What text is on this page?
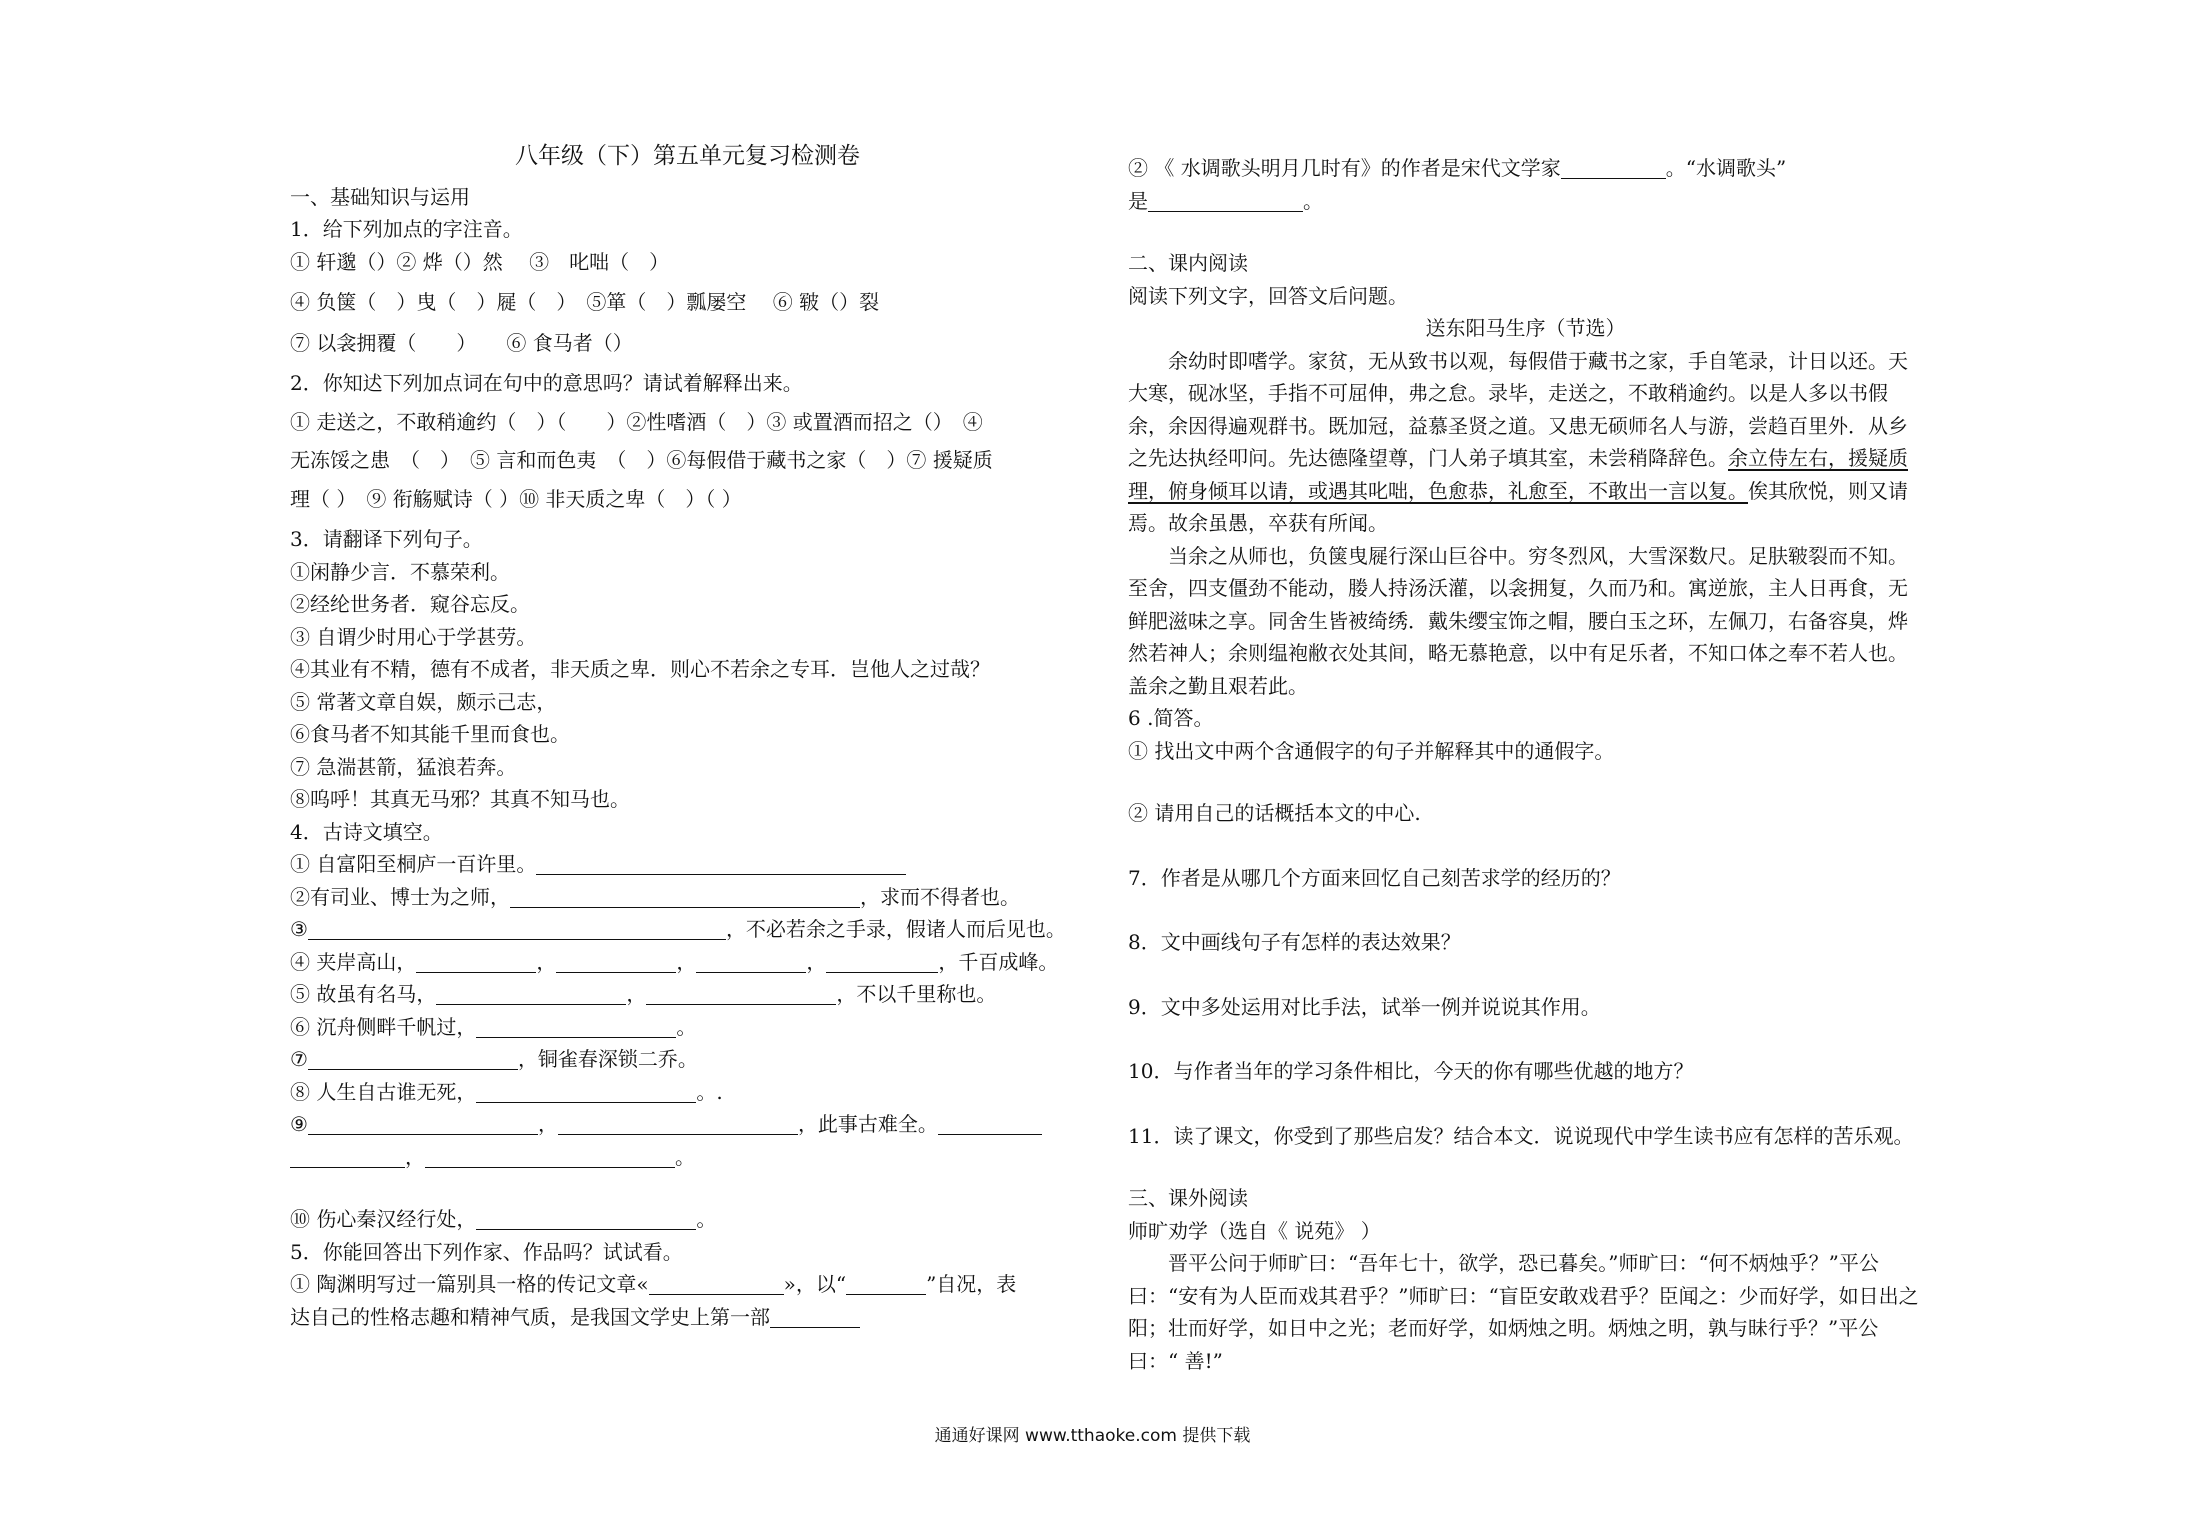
八年级（下）第五单元复习检测卷
一、基础知识与运用
1．给下列加点的字注音。
① 轩邈（）② 烨（）然　 ③　叱咄（　）
④ 负箧（　）曳（　）屣（　）　⑤箪（　）瓢屡空　 ⑥ 皲（）裂
⑦ 以衾拥覆（　　）　　⑥ 食马者（）
2．你知迖下列加点词在句中的意思吗？请试着解释出来。
① 走送之，不敢稍逾约（　）（　　）②性嗜酒（　）③ 或置酒而招之（）　④
无冻馁之患　（　）　⑤ 言和而色夷　（　）⑥每假借于藏书之家（　）⑦ 援疑质
理（ ）　⑨ 衔觞赋诗（ ）⑩ 非天质之卑（　）（ ）
3．请翻译下列句子。
①闲静少言．不慕荣利。
②经纶世务者．窥谷忘反。
③ 自谓少时用心于学甚劳。
④其业有不精，德有不成者，非天质之卑．则心不若余之专耳．岂他人之过哉？
⑤ 常著文章自娱，颇示己志，
⑥食马者不知其能千里而食也。
⑦ 急湍甚箭，猛浪若奔。
⑧呜呼！其真无马邪？其真不知马也。
4．古诗文填空。
① 自富阳至桐庐一百许里。
②有司业、博士为之师，	，求而不得者也。
③	，不必若余之手录，假诸人而后见也。
④ 夹岸高山，	，	，	，	，千百成峰。
⑤ 故虽有名马，	，	，不以千里称也。
⑥ 沉舟侧畔千帆过，	。
⑦	，铜雀春深锁二乔。
⑧ 人生自古谁无死，	。.
⑨	，	，此事古难全。
，	。
⑩ 伤心秦汉经行处，	。
5．你能回答出下列作家、作品吗？试试看。
① 陶渊明写过一篇别具一格的传记文章«	»，以“	”自况，表
达自己的性格志趣和精神气质，是我国文学史上第一部
② 《 水调歌头明月几时有》的作者是宋代文学家	。“水调歌头”
是	。
二、课内阅读
阅读下列文字，回答文后问题。
送东阳马生序（节选）
余幼时即嗜学。家贫，无从致书以观，每假借于藏书之家，手自笔录，计日以还。天大寒，砚冰坚，手指不可屈伸，弗之怠。录毕，走送之，不敢稍逾约。以是人多以书假余，余因得遍观群书。既加冠，益慕圣贤之道。又患无硕师名人与游，尝趋百里外．从乡之先达执经叩问。先达德隆望尊，门人弟子填其室，未尝稍降辞色。余立侍左右，援疑质理，俯身倾耳以请，或遇其叱咄，色愈恭，礼愈至，不敢出一言以复。俟其欣悦，则又请焉。故余虽愚，卒获有所闻。
当余之从师也，负箧曳屣行深山巨谷中。穷冬烈风，大雪深数尺。足肤皲裂而不知。至舍，四支僵劲不能动，媵人持汤沃灌，以衾拥复，久而乃和。寓逆旅，主人日再食，无鲜肥滋味之享。同舍生皆被绮绣．戴朱缨宝饰之帽，腰白玉之环，左佩刀，右备容臭，烨然若神人；余则缊袍敝衣处其间，略无慕艳意，以中有足乐者，不知口体之奉不若人也。盖余之勤且艰若此。
6 .简答。
① 找出文中两个含通假字的句子并解释其中的通假字。
② 请用自己的话概括本文的中心.
7．作者是从哪几个方面来回忆自己刻苦求学的经历的？
8．文中画线句子有怎样的表达效果？
9．文中多处运用对比手法，试举一例并说说其作用。
10．与作者当年的学习条件相比，今天的你有哪些优越的地方？
11．读了课文，你受到了那些启发？结合本文．说说现代中学生读书应有怎样的苦乐观。
三、课外阅读
师旷劝学（选自《 说苑》 ）
晋平公问于师旷曰：“吾年七十，欲学，恐已暮矣。”师旷曰：“何不炳烛乎？”平公曰：“安有为人臣而戏其君乎？”师旷曰：“盲臣安敢戏君乎？臣闻之：少而好学，如日出之阳；壮而好学，如日中之光；老而好学，如炳烛之明。炳烛之明，孰与昧行乎？”平公曰：“ 善!”
通通好课网 www.tthaoke.com 提供下载
